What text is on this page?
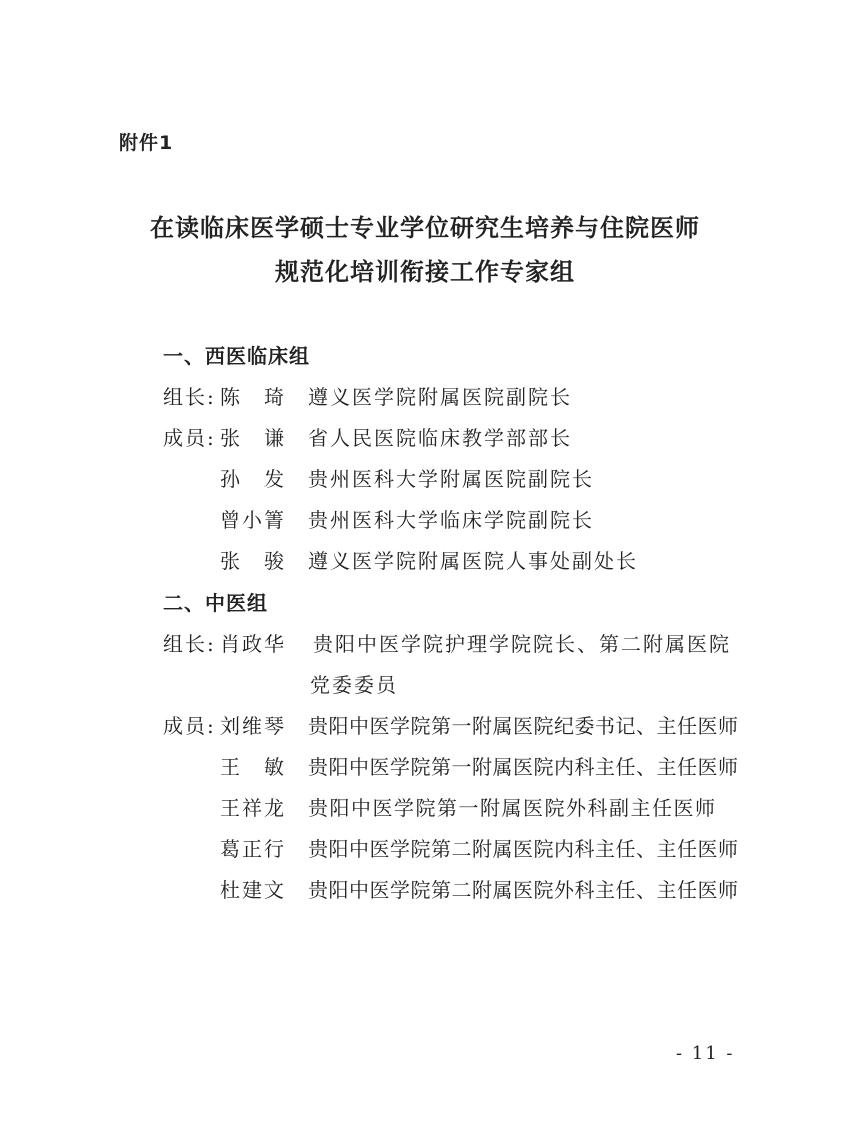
附件1
在读临床医学硕士专业学位研究生培养与住院医师
规范化培训衔接工作专家组
一、西医临床组
组长: 陈　琦	遵义医学院附属医院副院长
成员: 张　谦	省人民医院临床教学部部长
孙　发	贵州医科大学附属医院副院长
曾小箐	贵州医科大学临床学院副院长
张　骏	遵义医学院附属医院人事处副处长
二、中医组
组长: 肖政华	贵阳中医学院护理学院院长、第二附属医院
党委委员
成员: 刘维琴	贵阳中医学院第一附属医院纪委书记、主任医师
王　敏	贵阳中医学院第一附属医院内科主任、主任医师
王祥龙	贵阳中医学院第一附属医院外科副主任医师
葛正行	贵阳中医学院第二附属医院内科主任、主任医师
杜建文	贵阳中医学院第二附属医院外科主任、主任医师
- 11 -
